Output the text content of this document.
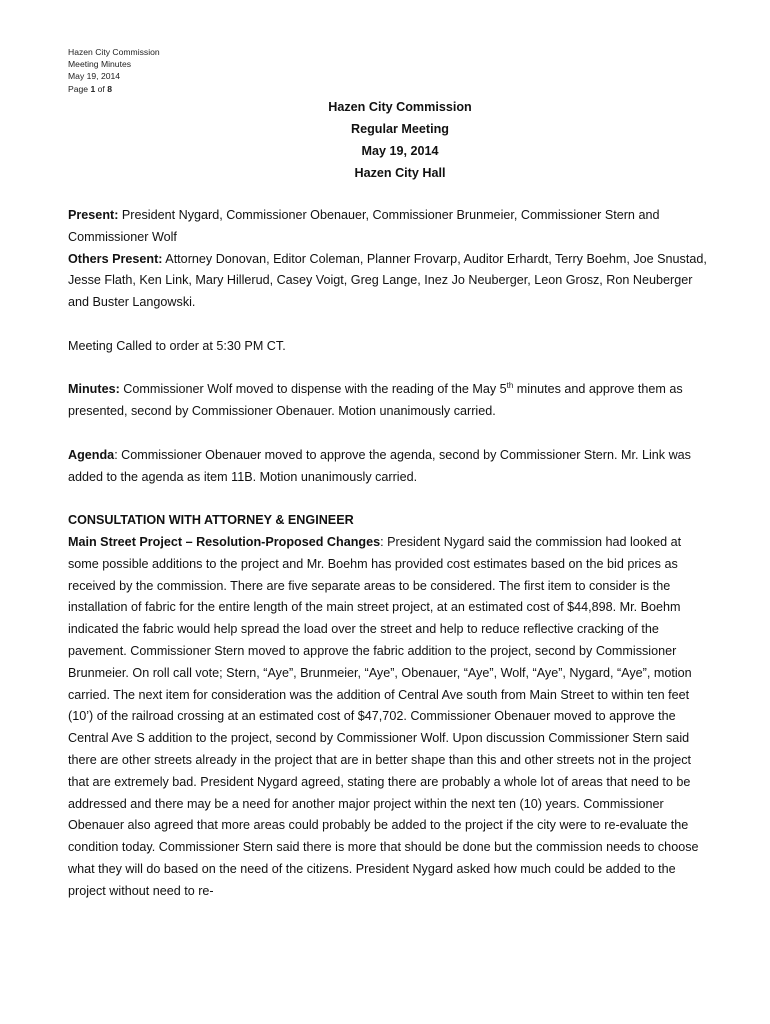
Hazen City Commission
Meeting Minutes
May 19, 2014
Page 1 of 8
Hazen City Commission
Regular Meeting
May 19, 2014
Hazen City Hall

Present: President Nygard, Commissioner Obenauer, Commissioner Brunmeier, Commissioner Stern and Commissioner Wolf

Others Present: Attorney Donovan, Editor Coleman, Planner Frovarp, Auditor Erhardt, Terry Boehm, Joe Snustad, Jesse Flath, Ken Link, Mary Hillerud, Casey Voigt, Greg Lange, Inez Jo Neuberger, Leon Grosz, Ron Neuberger and Buster Langowski.

Meeting Called to order at 5:30 PM CT.

Minutes: Commissioner Wolf moved to dispense with the reading of the May 5th minutes and approve them as presented, second by Commissioner Obenauer. Motion unanimously carried.

Agenda: Commissioner Obenauer moved to approve the agenda, second by Commissioner Stern. Mr. Link was added to the agenda as item 11B. Motion unanimously carried.

CONSULTATION WITH ATTORNEY & ENGINEER

Main Street Project – Resolution-Proposed Changes: President Nygard said the commission had looked at some possible additions to the project and Mr. Boehm has provided cost estimates based on the bid prices as received by the commission. There are five separate areas to be considered. The first item to consider is the installation of fabric for the entire length of the main street project, at an estimated cost of $44,898. Mr. Boehm indicated the fabric would help spread the load over the street and help to reduce reflective cracking of the pavement. Commissioner Stern moved to approve the fabric addition to the project, second by Commissioner Brunmeier. On roll call vote; Stern, “Aye”, Brunmeier, “Aye”, Obenauer, “Aye”, Wolf, “Aye”, Nygard, “Aye”, motion carried. The next item for consideration was the addition of Central Ave south from Main Street to within ten feet (10’) of the railroad crossing at an estimated cost of $47,702. Commissioner Obenauer moved to approve the Central Ave S addition to the project, second by Commissioner Wolf. Upon discussion Commissioner Stern said there are other streets already in the project that are in better shape than this and other streets not in the project that are extremely bad. President Nygard agreed, stating there are probably a whole lot of areas that need to be addressed and there may be a need for another major project within the next ten (10) years. Commissioner Obenauer also agreed that more areas could probably be added to the project if the city were to re-evaluate the condition today. Commissioner Stern said there is more that should be done but the commission needs to choose what they will do based on the need of the citizens. President Nygard asked how much could be added to the project without need to re-
